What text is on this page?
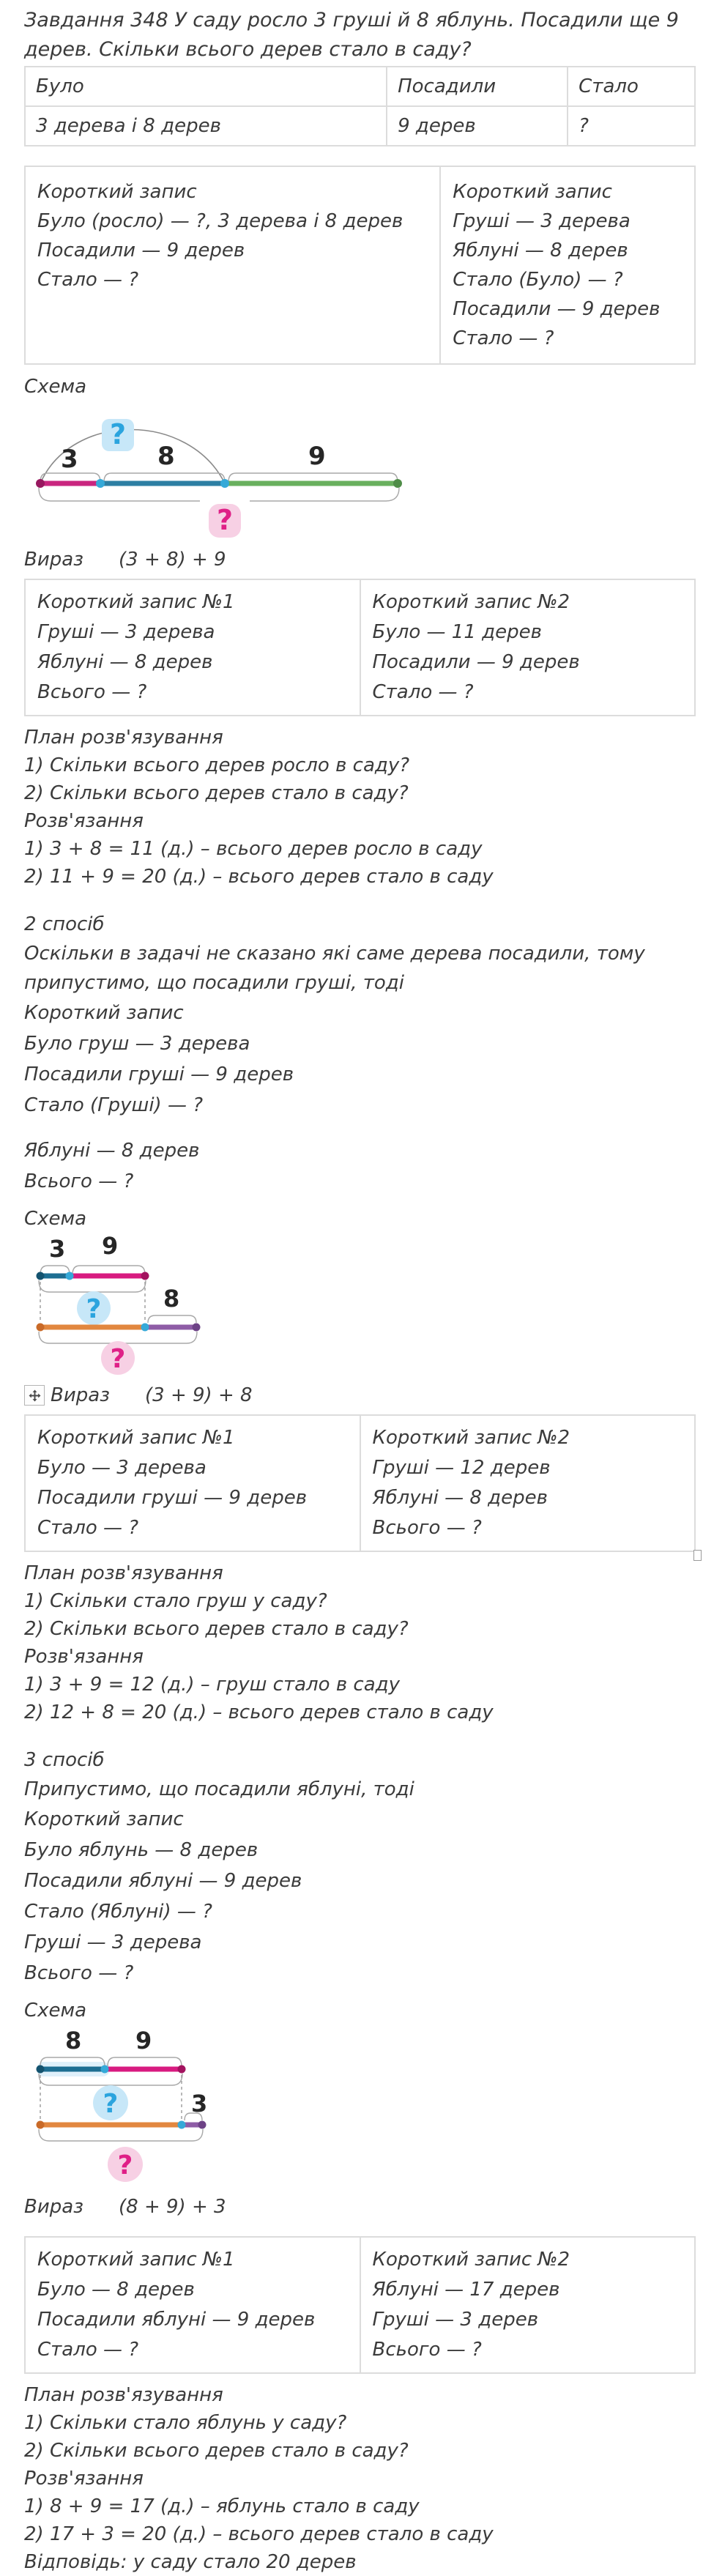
Завдання 348 У саду росло 3 груші й 8 яблунь. Посадили ще 9 дерев. Скільки всього дерев стало в саду?

Було	Посадили	Стало
3 дерева і 8 дерев	9 дерев	?

Короткий запис

Було (росло) — ?, 3 дерева і 8 дерев

Посадили — 9 дерев

Стало — ?

Короткий запис

Груші — 3 дерева

Яблуні — 8 дерев

Стало (Було) — ?

Посадили — 9 дерев

Стало — ?

Схема

3	8	9
?
?
Вираз (3 + 8) + 9

Короткий запис №1

Груші — 3 дерева

Яблуні — 8 дерев

Всього — ?

Короткий запис №2

Було — 11 дерев

Посадили — 9 дерев

Стало — ?

План розв'язування

1) Скільки всього дерев росло в саду?

2) Скільки всього дерев стало в саду?

Розв'язання

1) 3 + 8 = 11 (д.) – всього дерев росло в саду

2) 11 + 9 = 20 (д.) – всього дерев стало в саду

2 спосіб

Оскільки в задачі не сказано які саме дерева посадили, тому припустимо, що посадили груші, тоді

Короткий запис

Було груш — 3 дерева

Посадили груші — 9 дерев

Стало (Груші) — ?

Яблуні — 8 дерев

Всього — ?

Схема

3 9
?	8
?
Вираз (3 + 9) + 8

Короткий запис №1

Було — 3 дерева

Посадили груші — 9 дерев

Стало — ?

Короткий запис №2

Груші — 12 дерев

Яблуні — 8 дерев

Всього — ?

План розв'язування

1) Скільки стало груш у саду?

2) Скільки всього дерев стало в саду?

Розв'язання

1) 3 + 9 = 12 (д.) – груш стало в саду

2) 12 + 8 = 20 (д.) – всього дерев стало в саду

3 спосіб

Припустимо, що посадили яблуні, тоді

Короткий запис

Було яблунь — 8 дерев

Посадили яблуні — 9 дерев

Стало (Яблуні) — ?

Груші — 3 дерева

Всього — ?

Схема

8 9
?	3
?
Вираз (8 + 9) + 3

Короткий запис №1

Було — 8 дерев

Посадили яблуні — 9 дерев

Стало — ?

Короткий запис №2

Яблуні — 17 дерев

Груші — 3 дерев

Всього — ?

План розв'язування

1) Скільки стало яблунь у саду?

2) Скільки всього дерев стало в саду?

Розв'язання

1) 8 + 9 = 17 (д.) – яблунь стало в саду

2) 17 + 3 = 20 (д.) – всього дерев стало в саду

Відповідь: у саду стало 20 дерев
